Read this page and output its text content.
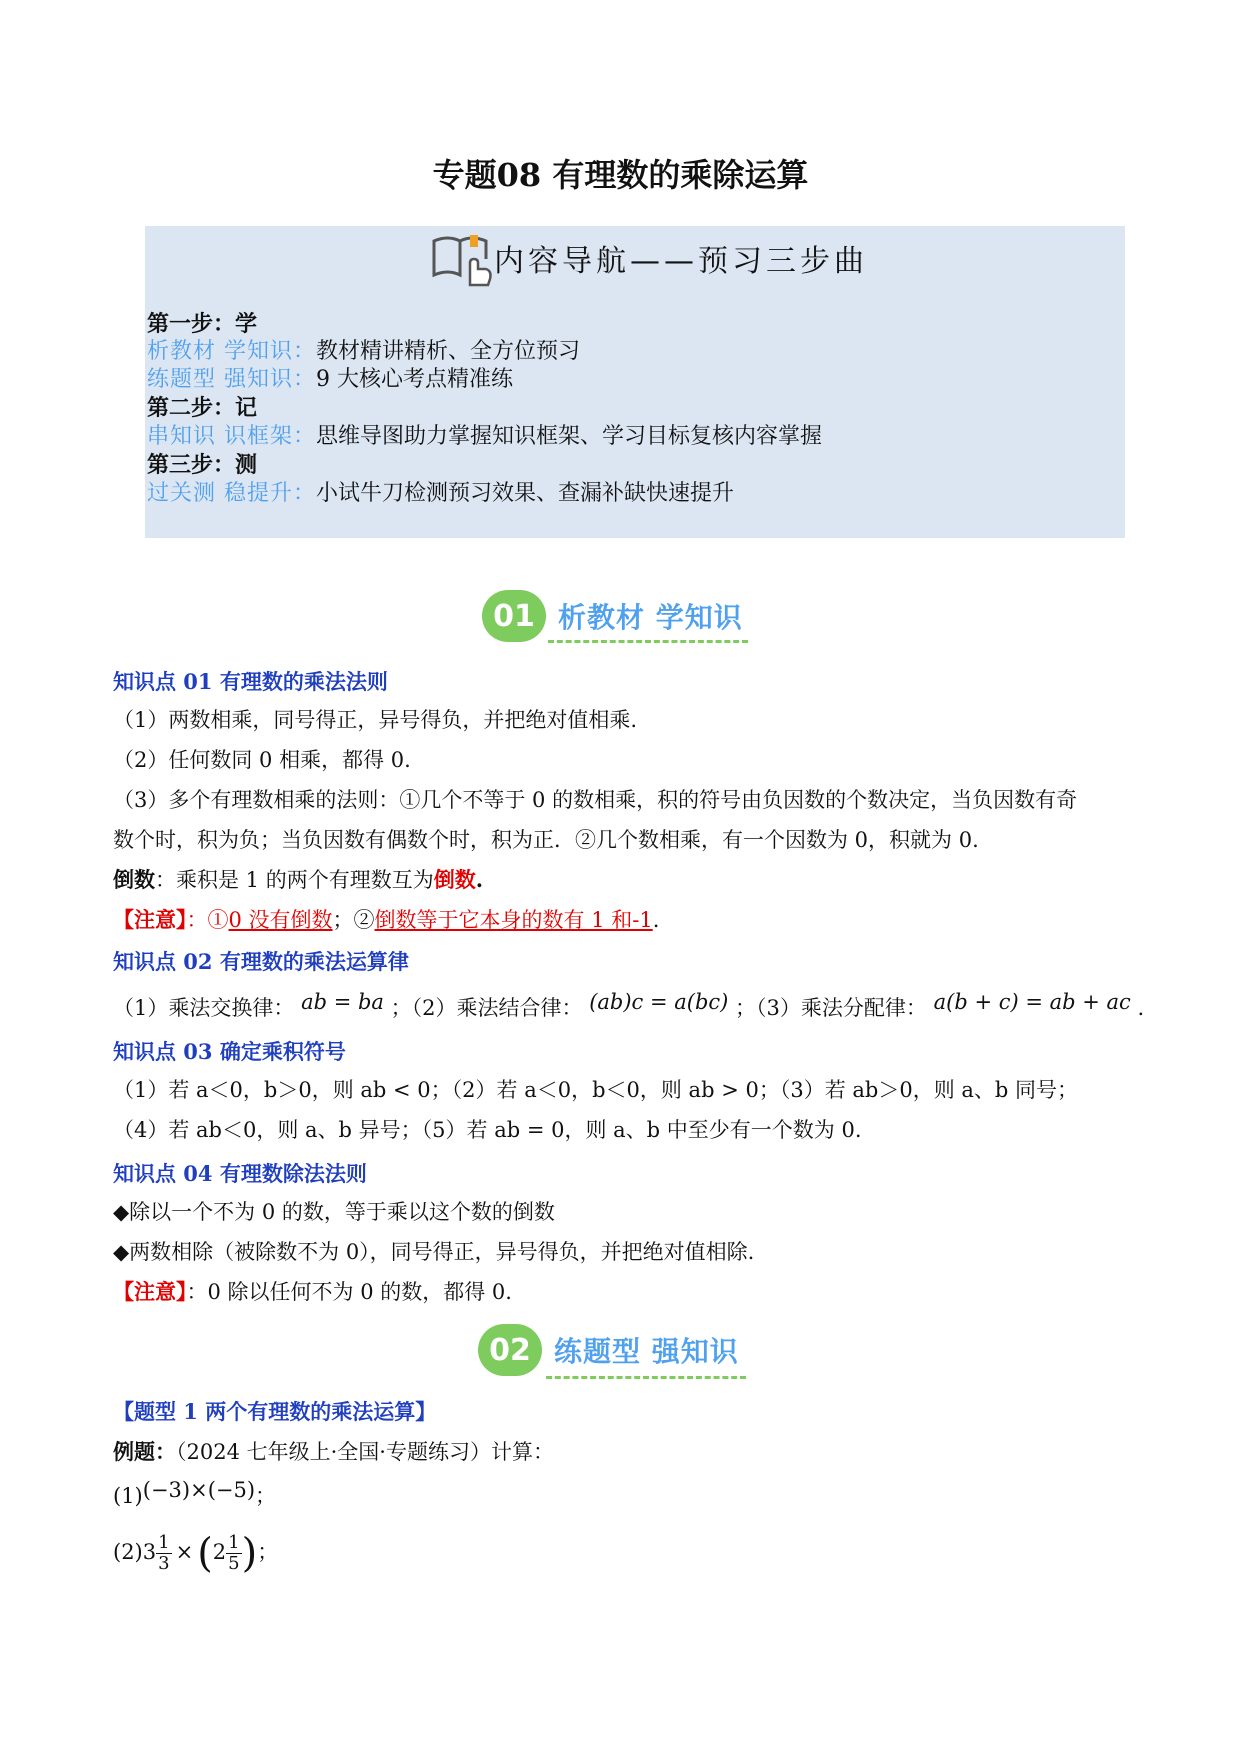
专题08 有理数的乘除运算
内容导航——预习三步曲
第一步：学
析教材 学知识：教材精讲精析、全方位预习
练题型 强知识：9 大核心考点精准练
第二步：记
串知识 识框架：思维导图助力掌握知识框架、学习目标复核内容掌握
第三步：测
过关测 稳提升：小试牛刀检测预习效果、查漏补缺快速提升
01 析教材 学知识
知识点 01 有理数的乘法法则
（1）两数相乘，同号得正，异号得负，并把绝对值相乘.
（2）任何数同 0 相乘，都得 0.
（3）多个有理数相乘的法则：①几个不等于 0 的数相乘，积的符号由负因数的个数决定，当负因数有奇
数个时，积为负；当负因数有偶数个时，积为正．②几个数相乘，有一个因数为 0，积就为 0.
倒数：乘积是 1 的两个有理数互为倒数.
【注意】：①0 没有倒数；②倒数等于它本身的数有 1 和-1.
知识点 02 有理数的乘法运算律
（1）乘法交换律： ab = ba ；（2）乘法结合律： (ab)c = a(bc) ；（3）乘法分配律： a(b + c) = ab + ac .
知识点 03 确定乘积符号
（1）若 a＜0，b＞0，则 ab < 0；（2）若 a＜0，b＜0，则 ab > 0；（3）若 ab＞0，则 a、b 同号；
（4）若 ab＜0，则 a、b 异号；（5）若 ab = 0，则 a、b 中至少有一个数为 0.
知识点 04 有理数除法法则
◆除以一个不为 0 的数，等于乘以这个数的倒数
◆两数相除（被除数不为 0），同号得正，异号得负，并把绝对值相除.
【注意】：0 除以任何不为 0 的数，都得 0.
02 练题型 强知识
【题型 1 两个有理数的乘法运算】
例题：（2024 七年级上·全国·专题练习）计算：
(1)(−3)×(−5)；
$(2)3 \frac{1}{3} \times (2 \frac{1}{5}$ )；
